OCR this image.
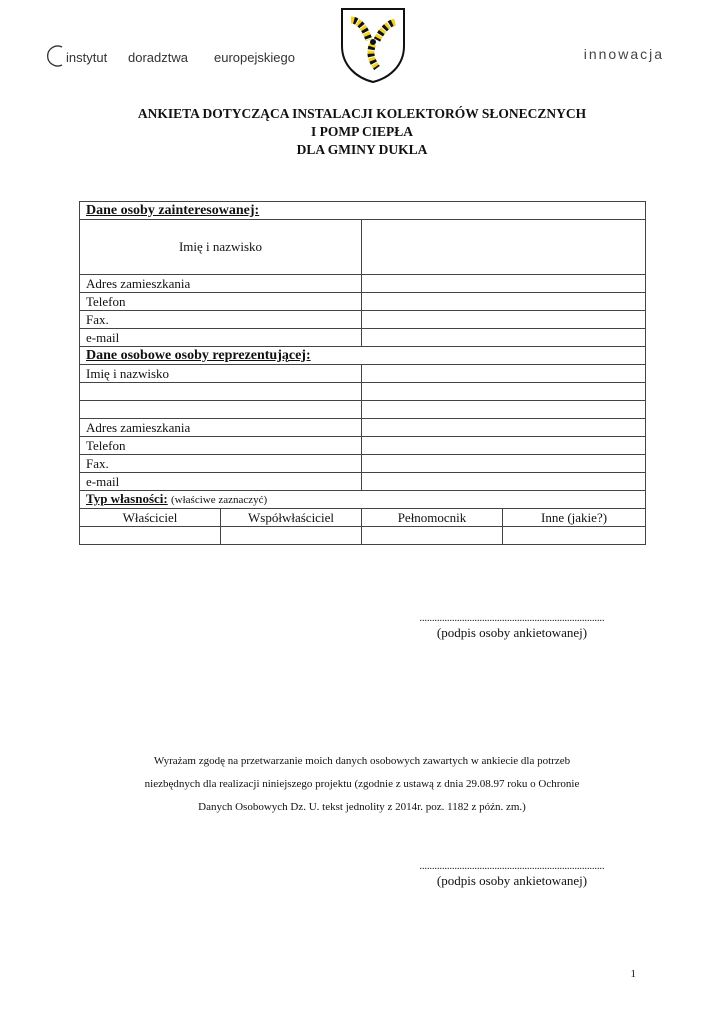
instytut doradztwa europejskiego	innowacja
ANKIETA DOTYCZĄCA INSTALACJI KOLEKTORÓW SŁONECZNYCH
I POMP CIEPŁA
DLA GMINY DUKLA
Dane osoby zainteresowanej:			
Imię i nazwisko			
Adres zamieszkania			
Telefon			
Fax.			
e-mail			
Dane osobowe osoby reprezentującej:			
Imię i nazwisko			

Adres zamieszkania			
Telefon			
Fax.			
e-mail			
Typ własności: (właściwe zaznaczyć)			
Właściciel	Współwłaściciel	Pełnomocnik	Inne (jakie?)

..........................................................................
(podpis osoby ankietowanej)
Wyrażam zgodę na przetwarzanie moich danych osobowych zawartych w ankiecie dla potrzeb
niezbędnych dla realizacji niniejszego projektu (zgodnie z ustawą z dnia 29.08.97 roku o Ochronie
Danych Osobowych Dz. U. tekst jednolity z 2014r. poz. 1182 z późn. zm.)
..........................................................................
(podpis osoby ankietowanej)
1
